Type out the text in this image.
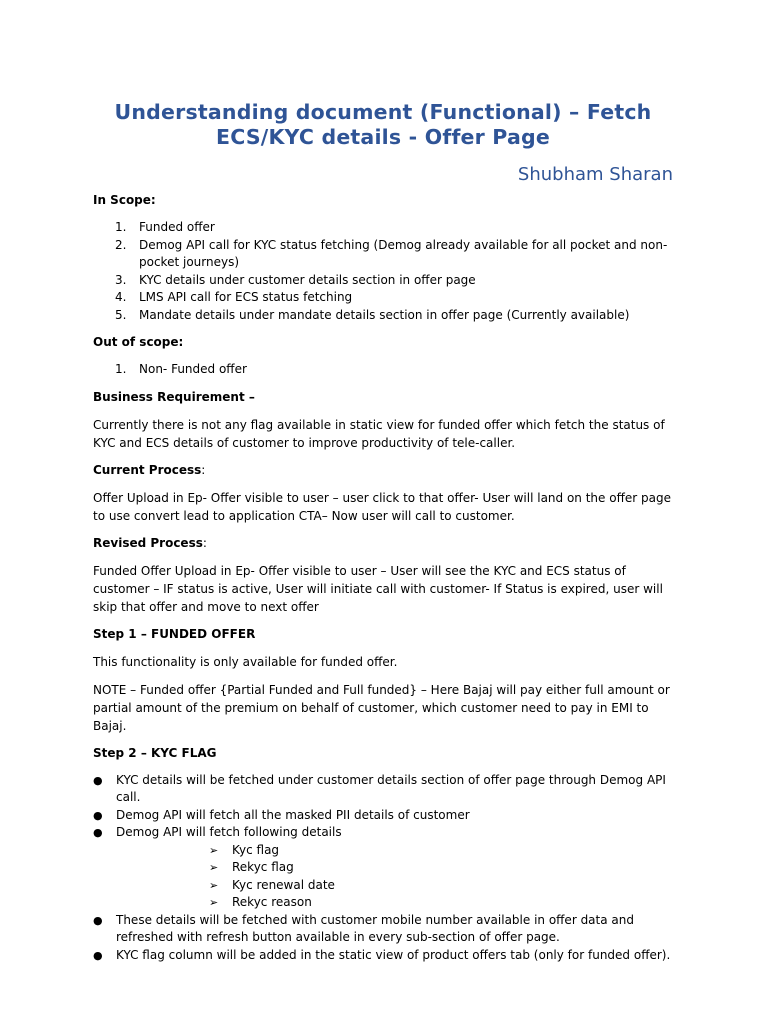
Understanding document (Functional) – Fetch ECS/KYC details - Offer Page
Shubham Sharan
In Scope:
1. Funded offer
2. Demog API call for KYC status fetching (Demog already available for all pocket and non-pocket journeys)
3. KYC details under customer details section in offer page
4. LMS API call for ECS status fetching
5. Mandate details under mandate details section in offer page (Currently available)
Out of scope:
1. Non- Funded offer
Business Requirement –

Currently there is not any flag available in static view for funded offer which fetch the status of KYC and ECS details of customer to improve productivity of tele-caller.

Current Process:

Offer Upload in Ep- Offer visible to user – user click to that offer- User will land on the offer page to use convert lead to application CTA– Now user will call to customer.

Revised Process:

Funded Offer Upload in Ep- Offer visible to user – User will see the KYC and ECS status of customer – IF status is active, User will initiate call with customer- If Status is expired, user will skip that offer and move to next offer

Step 1 – FUNDED OFFER

This functionality is only available for funded offer.

NOTE – Funded offer {Partial Funded and Full funded} – Here Bajaj will pay either full amount or partial amount of the premium on behalf of customer, which customer need to pay in EMI to Bajaj.

Step 2 – KYC FLAG
● KYC details will be fetched under customer details section of offer page through Demog API call.
● Demog API will fetch all the masked PII details of customer
● Demog API will fetch following details
➢ Kyc flag
➢ Rekyc flag
➢ Kyc renewal date
➢ Rekyc reason
● These details will be fetched with customer mobile number available in offer data and refreshed with refresh button available in every sub-section of offer page.
● KYC flag column will be added in the static view of product offers tab (only for funded offer).
